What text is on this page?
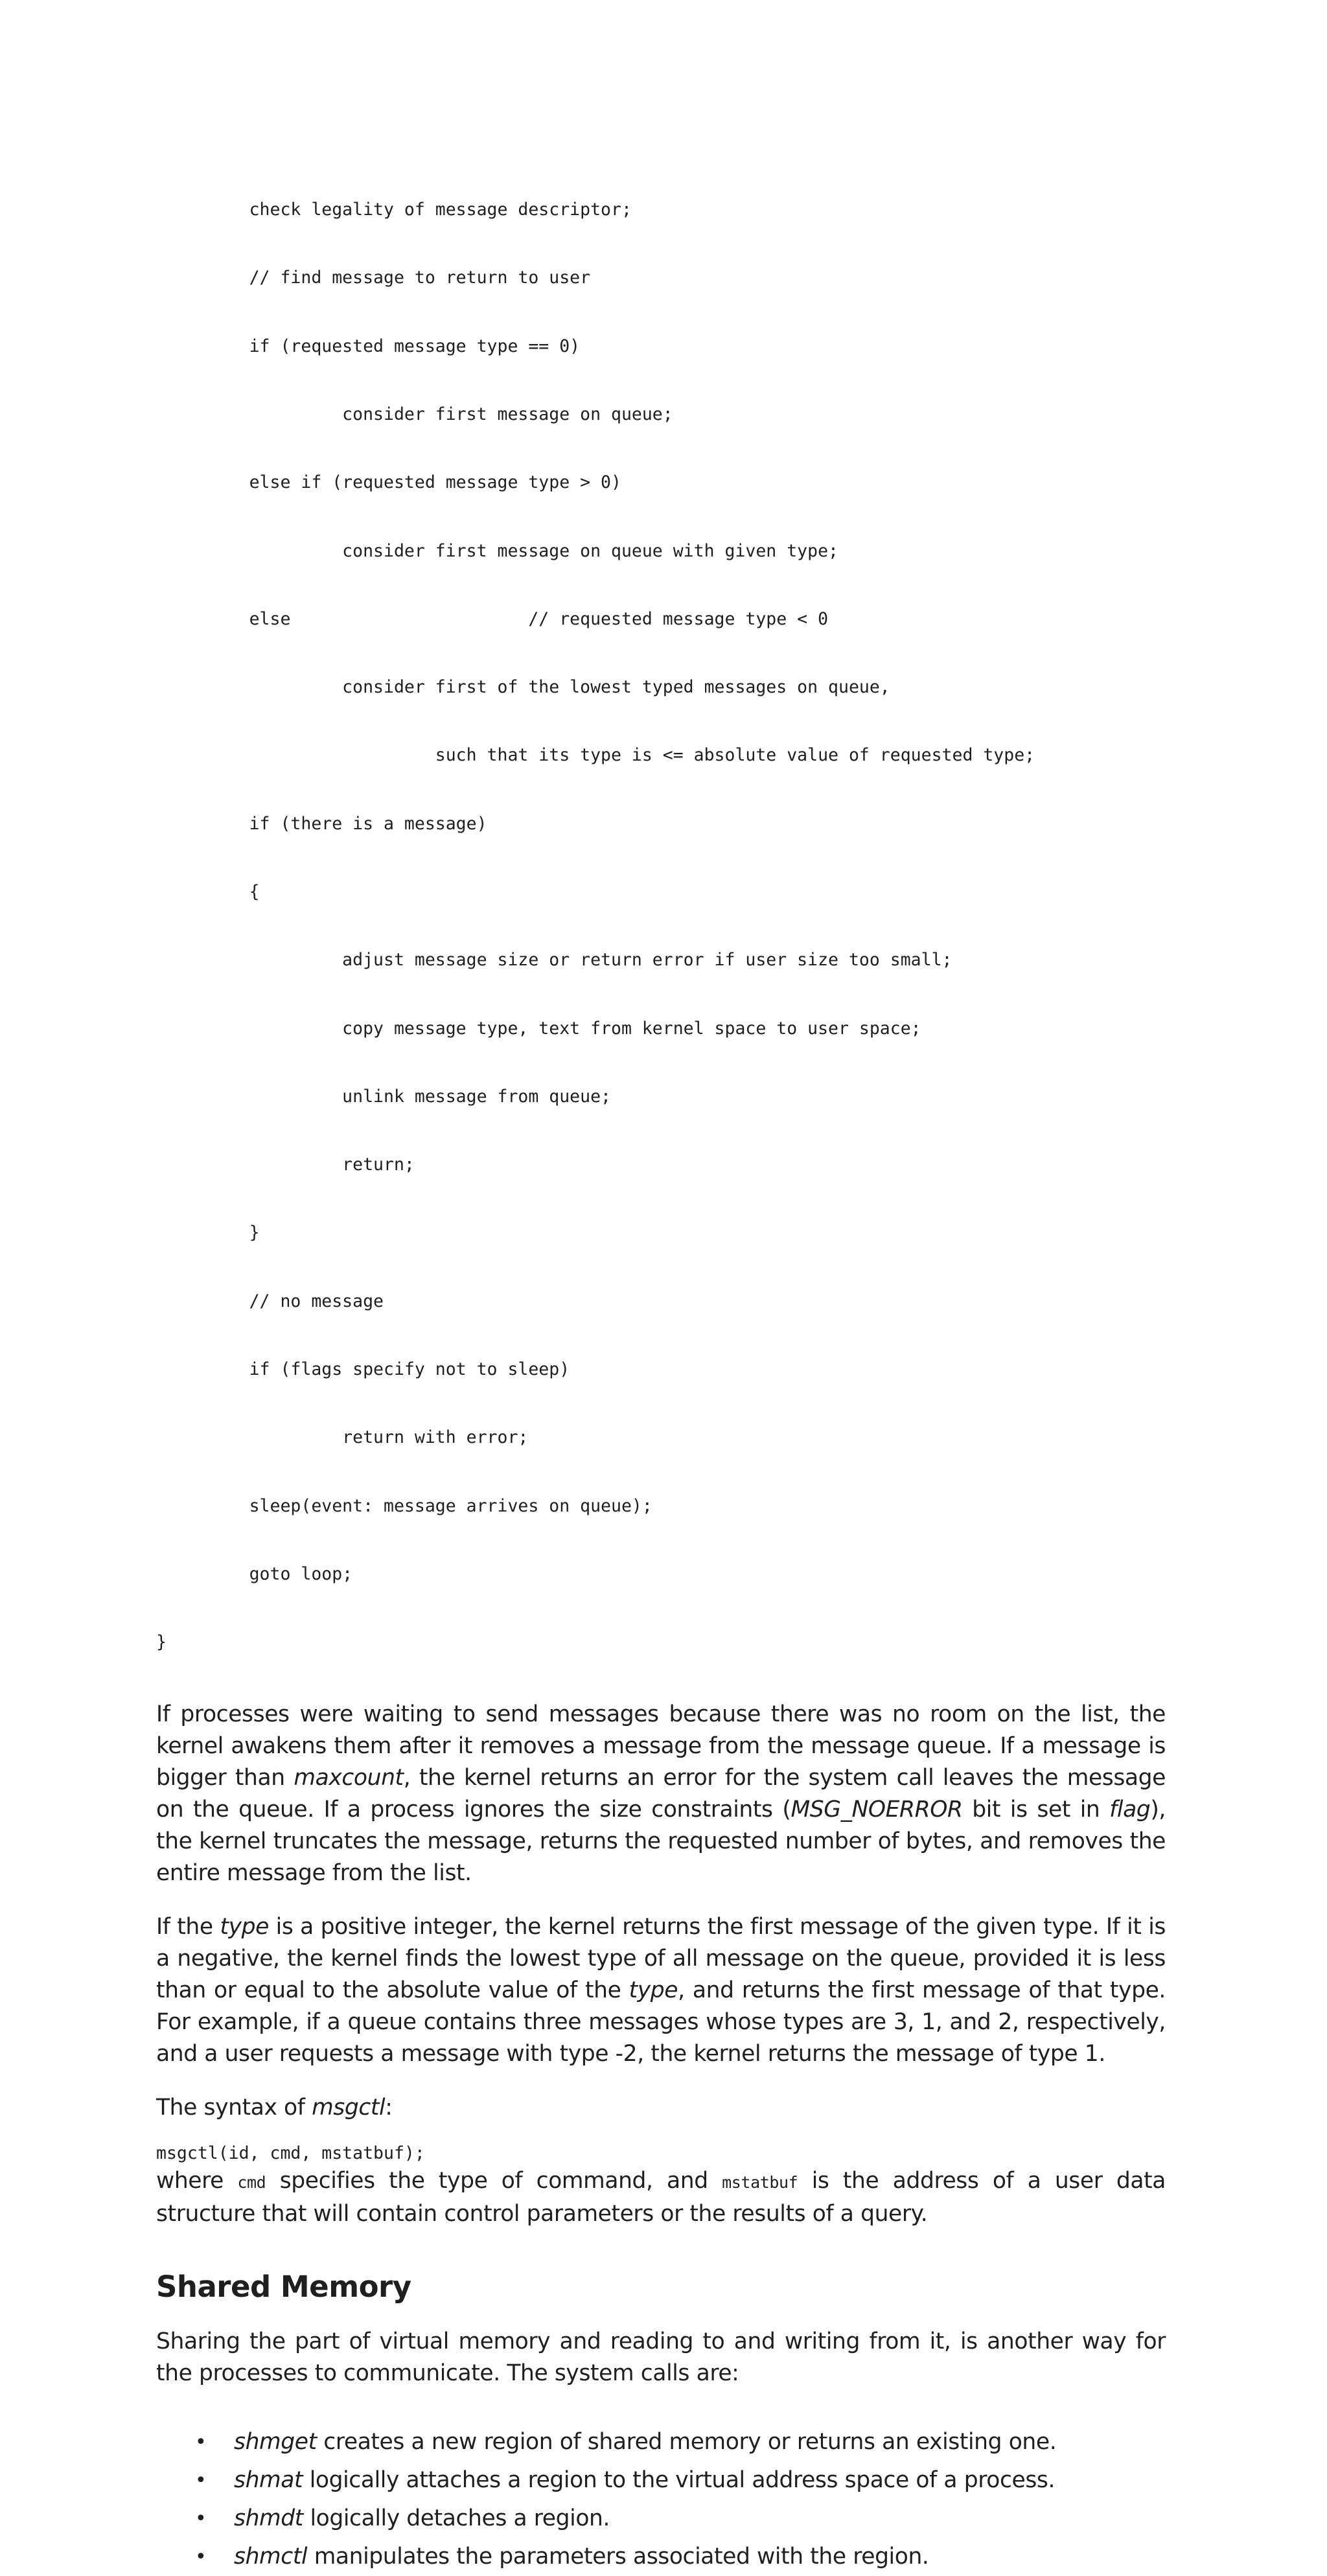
check legality of message descriptor;

// find message to return to user

if (requested message type == 0)

consider first message on queue;

else if (requested message type > 0)

consider first message on queue with given type;

else                       // requested message type < 0

consider first of the lowest typed messages on queue,

such that its type is <= absolute value of requested type;

if (there is a message)

{

adjust message size or return error if user size too small;

copy message type, text from kernel space to user space;

unlink message from queue;

return;

}

// no message

if (flags specify not to sleep)

return with error;

sleep(event: message arrives on queue);

goto loop;

}

If processes were waiting to send messages because there was no room on the list, the kernel awakens them after it removes a message from the message queue. If a message is bigger than maxcount, the kernel returns an error for the system call leaves the message on the queue. If a process ignores the size constraints (MSG_NOERROR bit is set in flag), the kernel truncates the message, returns the requested number of bytes, and removes the entire message from the list.

If the type is a positive integer, the kernel returns the first message of the given type. If it is a negative, the kernel finds the lowest type of all message on the queue, provided it is less than or equal to the absolute value of the type, and returns the first message of that type. For example, if a queue contains three messages whose types are 3, 1, and 2, respectively, and a user requests a message with type -2, the kernel returns the message of type 1.

The syntax of msgctl:

msgctl(id, cmd, mstatbuf);

where cmd specifies the type of command, and mstatbuf is the address of a user data structure that will contain control parameters or the results of a query.

Shared Memory

Sharing the part of virtual memory and reading to and writing from it, is another way for the processes to communicate. The system calls are:

• shmget creates a new region of shared memory or returns an existing one.
• shmat logically attaches a region to the virtual address space of a process.
• shmdt logically detaches a region.
• shmctl manipulates the parameters associated with the region.
